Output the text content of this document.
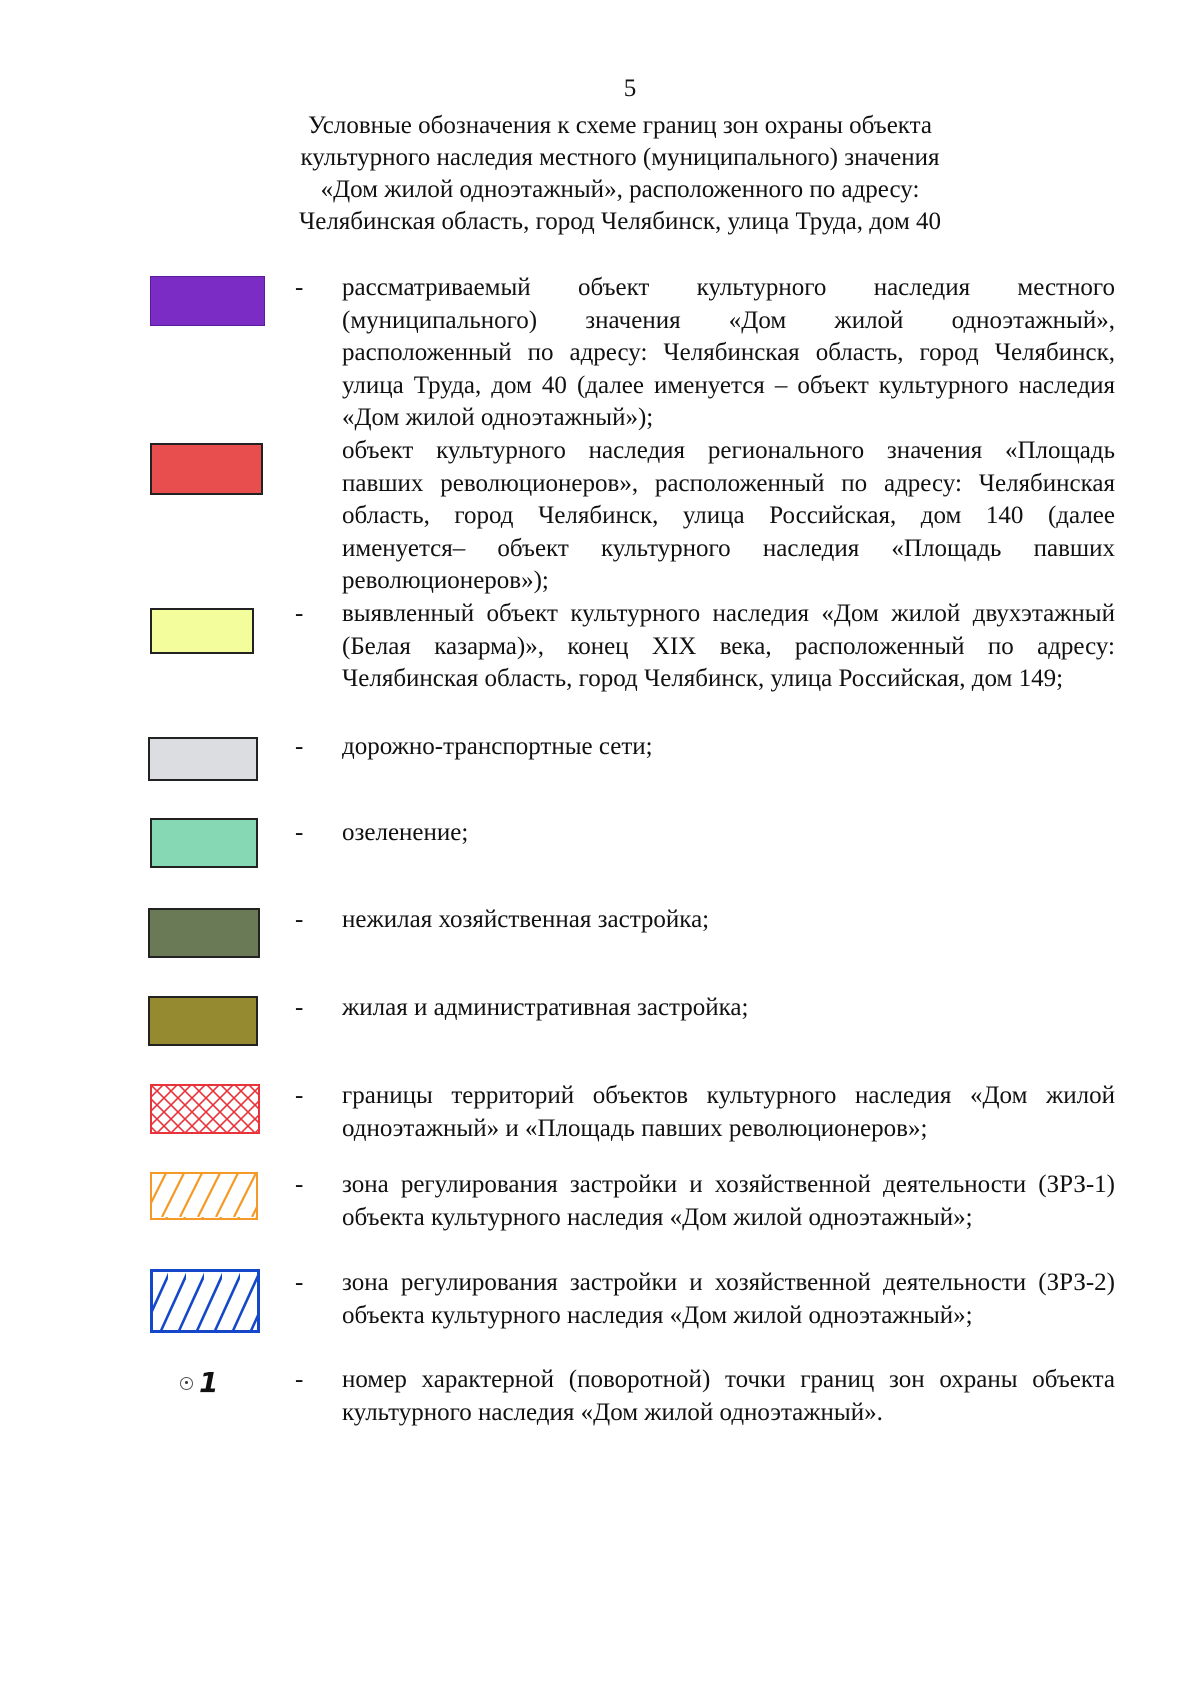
5
Условные обозначения к схеме границ зон охраны объекта
культурного наследия местного (муниципального) значения
«Дом жилой одноэтажный», расположенного по адресу:
Челябинская область, город Челябинск, улица Труда, дом 40
- рассматриваемый объект культурного наследия местного (муниципального) значения «Дом жилой одноэтажный», расположенный по адресу: Челябинская область, город Челябинск, улица Труда, дом 40 (далее именуется – объект культурного наследия «Дом жилой одноэтажный»);
объект культурного наследия регионального значения «Площадь павших революционеров», расположенный по адресу: Челябинская область, город Челябинск, улица Российская, дом 140 (далее именуется– объект культурного наследия «Площадь павших революционеров»);
- выявленный объект культурного наследия «Дом жилой двухэтажный (Белая казарма)», конец XIX века, расположенный по адресу: Челябинская область, город Челябинск, улица Российская, дом 149;
- дорожно-транспортные сети;
- озеленение;
- нежилая хозяйственная застройка;
- жилая и административная застройка;
- границы территорий объектов культурного наследия «Дом жилой одноэтажный» и «Площадь павших революционеров»;
- зона регулирования застройки и хозяйственной деятельности (ЗРЗ-1) объекта культурного наследия «Дом жилой одноэтажный»;
- зона регулирования застройки и хозяйственной деятельности (ЗРЗ-2) объекта культурного наследия «Дом жилой одноэтажный»;
1	- номер характерной (поворотной) точки границ зон охраны объекта культурного наследия «Дом жилой одноэтажный».
